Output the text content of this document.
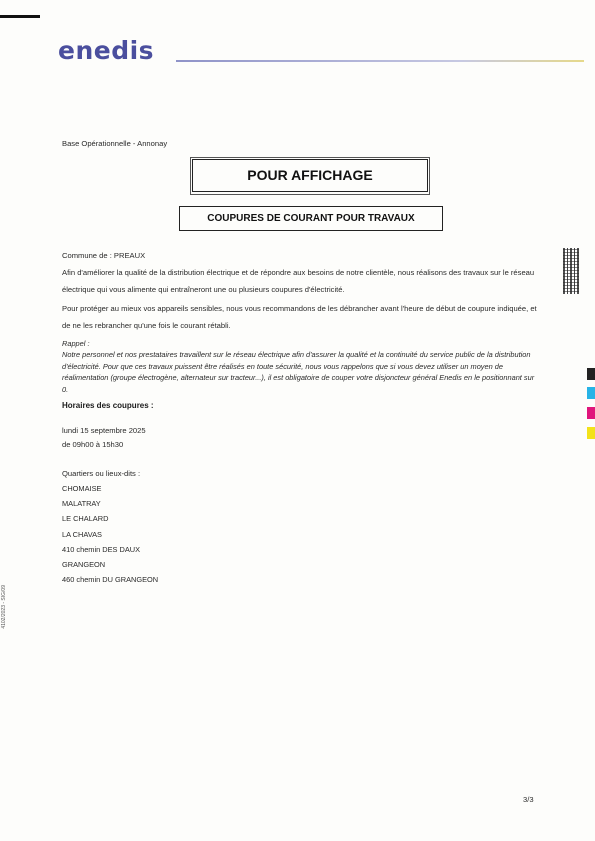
enedis
Base Opérationnelle - Annonay
POUR AFFICHAGE
COUPURES DE COURANT POUR TRAVAUX
Commune de : PREAUX
Afin d'améliorer la qualité de la distribution électrique et de répondre aux besoins de notre clientèle, nous réalisons des travaux sur le réseau électrique qui vous alimente qui entraîneront une ou plusieurs coupures d'électricité.
Pour protéger au mieux vos appareils sensibles, nous vous recommandons de les débrancher avant l'heure de début de coupure indiquée, et de ne les rebrancher qu'une fois le courant rétabli.
Rappel :
Notre personnel et nos prestataires travaillent sur le réseau électrique afin d'assurer la qualité et la continuité du service public de la distribution d'électricité. Pour que ces travaux puissent être réalisés en toute sécurité, nous vous rappelons que si vous devez utiliser un moyen de réalimentation (groupe électrogène, alternateur sur tracteur...), il est obligatoire de couper votre disjoncteur général Enedis en le positionnant sur 0.
Horaires des coupures :
lundi 15 septembre 2025
de 09h00 à 15h30
Quartiers ou lieux-dits :
CHOMAISE
MALATRAY
LE CHALARD
LA CHAVAS
410 chemin DES DAUX
GRANGEON
460 chemin DU GRANGEON
4102/2023 - SIG/09
3/3
